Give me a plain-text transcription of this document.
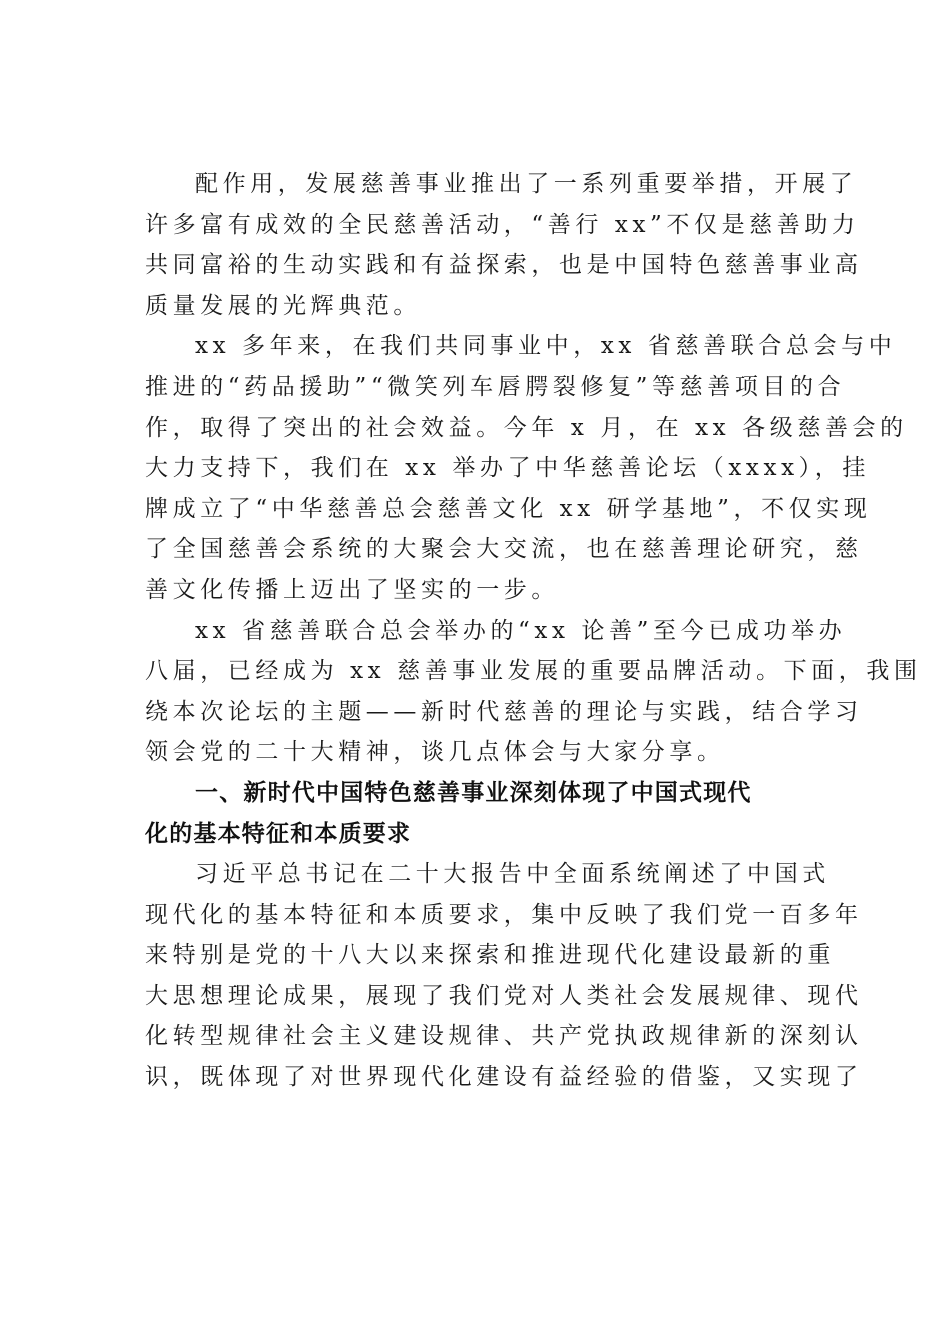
配作用，发展慈善事业推出了一系列重要举措，开展了
许多富有成效的全民慈善活动，“善行 xx”不仅是慈善助力
共同富裕的生动实践和有益探索，也是中国特色慈善事业高
质量发展的光辉典范。
xx 多年来，在我们共同事业中，xx 省慈善联合总会与中
推进的“药品援助”“微笑列车唇腭裂修复”等慈善项目的合
作，取得了突出的社会效益。今年 x 月，在 xx 各级慈善会的
大力支持下，我们在 xx 举办了中华慈善论坛（xxxx），挂
牌成立了“中华慈善总会慈善文化 xx 研学基地”，不仅实现
了全国慈善会系统的大聚会大交流，也在慈善理论研究，慈
善文化传播上迈出了坚实的一步。
xx 省慈善联合总会举办的“xx 论善”至今已成功举办
八届，已经成为 xx 慈善事业发展的重要品牌活动。下面，我围
绕本次论坛的主题——新时代慈善的理论与实践，结合学习
领会党的二十大精神，谈几点体会与大家分享。
一、新时代中国特色慈善事业深刻体现了中国式现代
化的基本特征和本质要求
习近平总书记在二十大报告中全面系统阐述了中国式
现代化的基本特征和本质要求，集中反映了我们党一百多年
来特别是党的十八大以来探索和推进现代化建设最新的重
大思想理论成果，展现了我们党对人类社会发展规律、现代
化转型规律社会主义建设规律、共产党执政规律新的深刻认
识，既体现了对世界现代化建设有益经验的借鉴，又实现了
